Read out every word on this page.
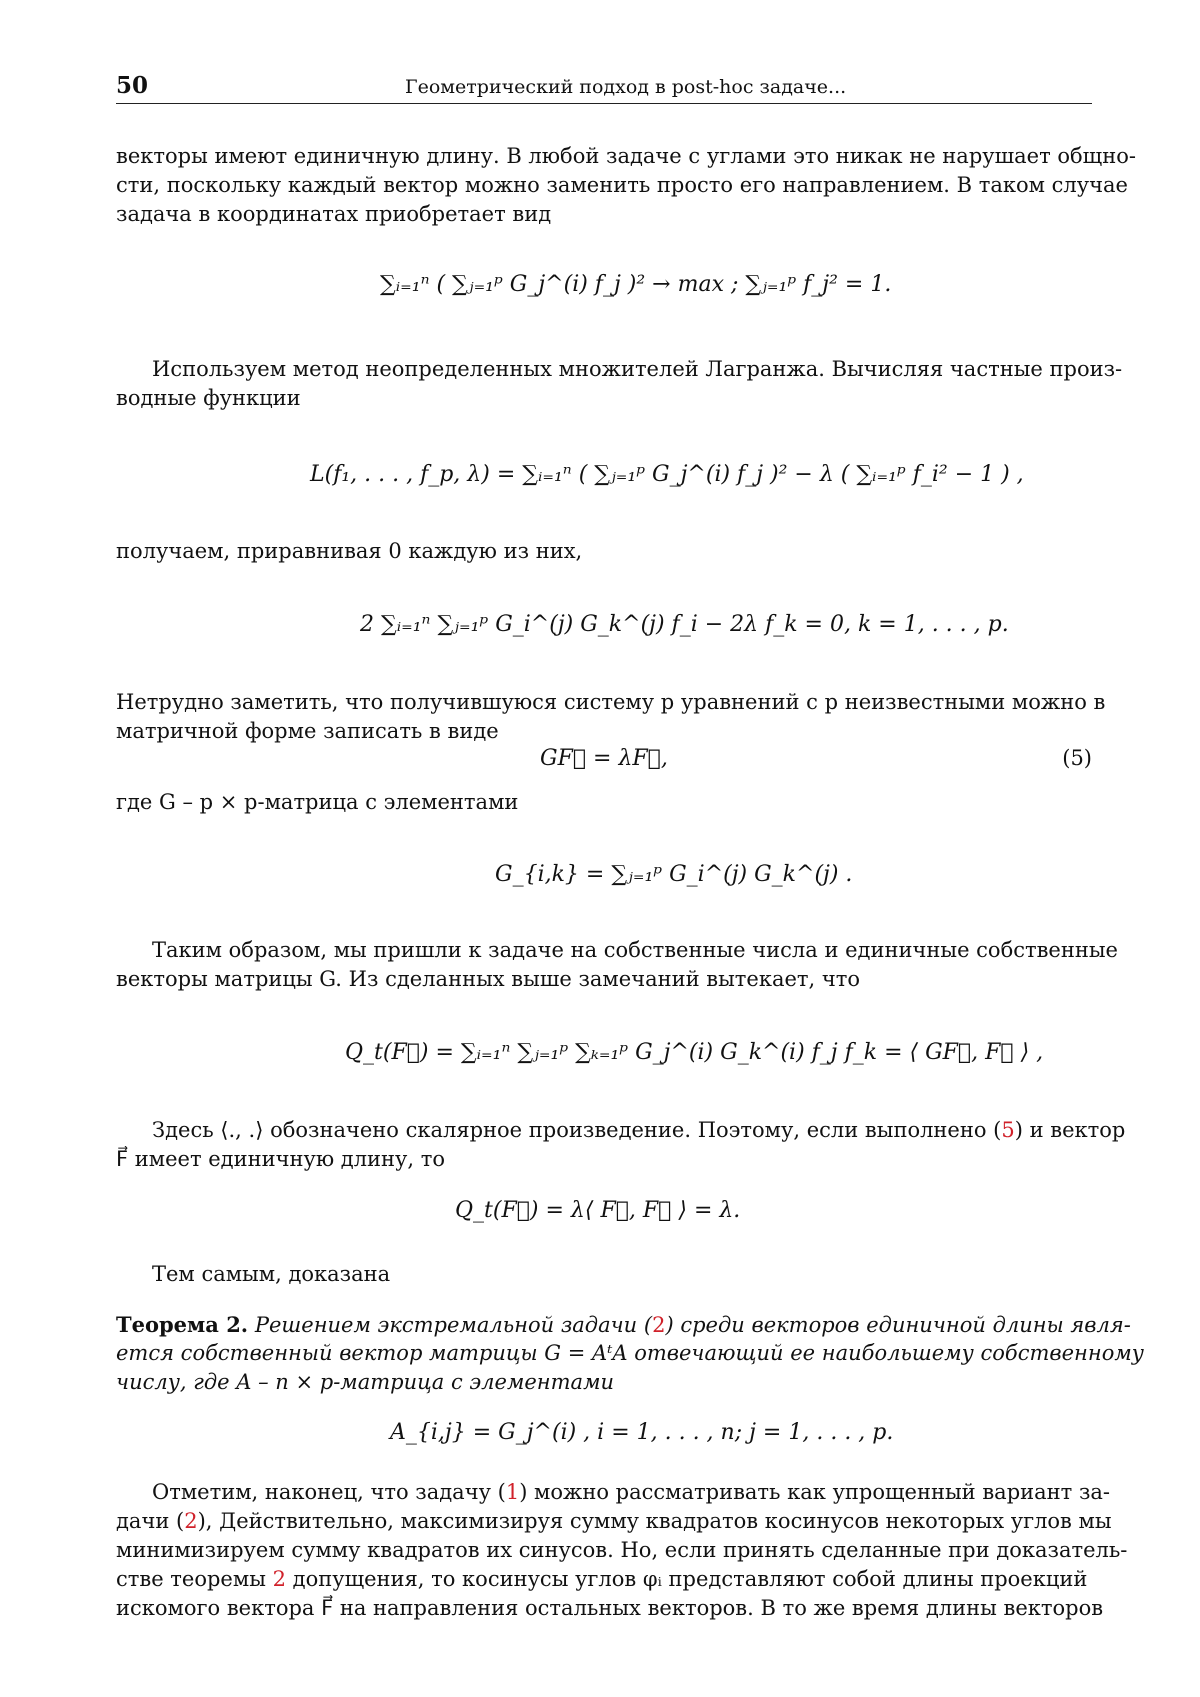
50	Геометрический подход в post-hoc задаче...

векторы имеют единичную длину. В любой задаче с углами это никак не нарушает общно-

сти, поскольку каждый вектор можно заменить просто его направлением. В таком случае

задача в координатах приобретает вид

∑ᵢ₌₁ⁿ ( ∑ⱼ₌₁ᵖ G_j^(i) f_j )² → max ; ∑ⱼ₌₁ᵖ f_j² = 1.

Используем метод неопределенных множителей Лагранжа. Вычисляя частные произ-

водные функции

L(f₁, . . . , f_p, λ) = ∑ᵢ₌₁ⁿ ( ∑ⱼ₌₁ᵖ G_j^(i) f_j )² − λ ( ∑ᵢ₌₁ᵖ f_i² − 1 ) ,

получаем, приравнивая 0 каждую из них,

2 ∑ᵢ₌₁ⁿ ∑ⱼ₌₁ᵖ G_i^(j) G_k^(j) f_i − 2λ f_k = 0, k = 1, . . . , p.

Нетрудно заметить, что получившуюся систему p уравнений с p неизвестными можно в

матричной форме записать в виде

GF⃗ = λF⃗,	(5)

где G – p × p-матрица с элементами

G_{i,k} = ∑ⱼ₌₁ᵖ G_i^(j) G_k^(j) .

Таким образом, мы пришли к задаче на собственные числа и единичные собственные

векторы матрицы G. Из сделанных выше замечаний вытекает, что

Q_t(F⃗) = ∑ᵢ₌₁ⁿ ∑ⱼ₌₁ᵖ ∑ₖ₌₁ᵖ G_j^(i) G_k^(i) f_j f_k = ⟨ GF⃗, F⃗ ⟩ ,

Здесь ⟨., .⟩ обозначено скалярное произведение. Поэтому, если выполнено (5) и вектор

F⃗ имеет единичную длину, то

Q_t(F⃗) = λ⟨ F⃗, F⃗ ⟩ = λ.

Тем самым, доказана

Теорема 2. Решением экстремальной задачи (2) среди векторов единичной длины явля-

ется собственный вектор матрицы G = AᵗA отвечающий ее наибольшему собственному

числу, где A – n × p-матрица с элементами

A_{i,j} = G_j^(i) , i = 1, . . . , n; j = 1, . . . , p.

Отметим, наконец, что задачу (1) можно рассматривать как упрощенный вариант за-

дачи (2), Действительно, максимизируя сумму квадратов косинусов некоторых углов мы

минимизируем сумму квадратов их синусов. Но, если принять сделанные при доказатель-

стве теоремы 2 допущения, то косинусы углов φᵢ представляют собой длины проекций

искомого вектора F⃗ на направления остальных векторов. В то же время длины векторов
